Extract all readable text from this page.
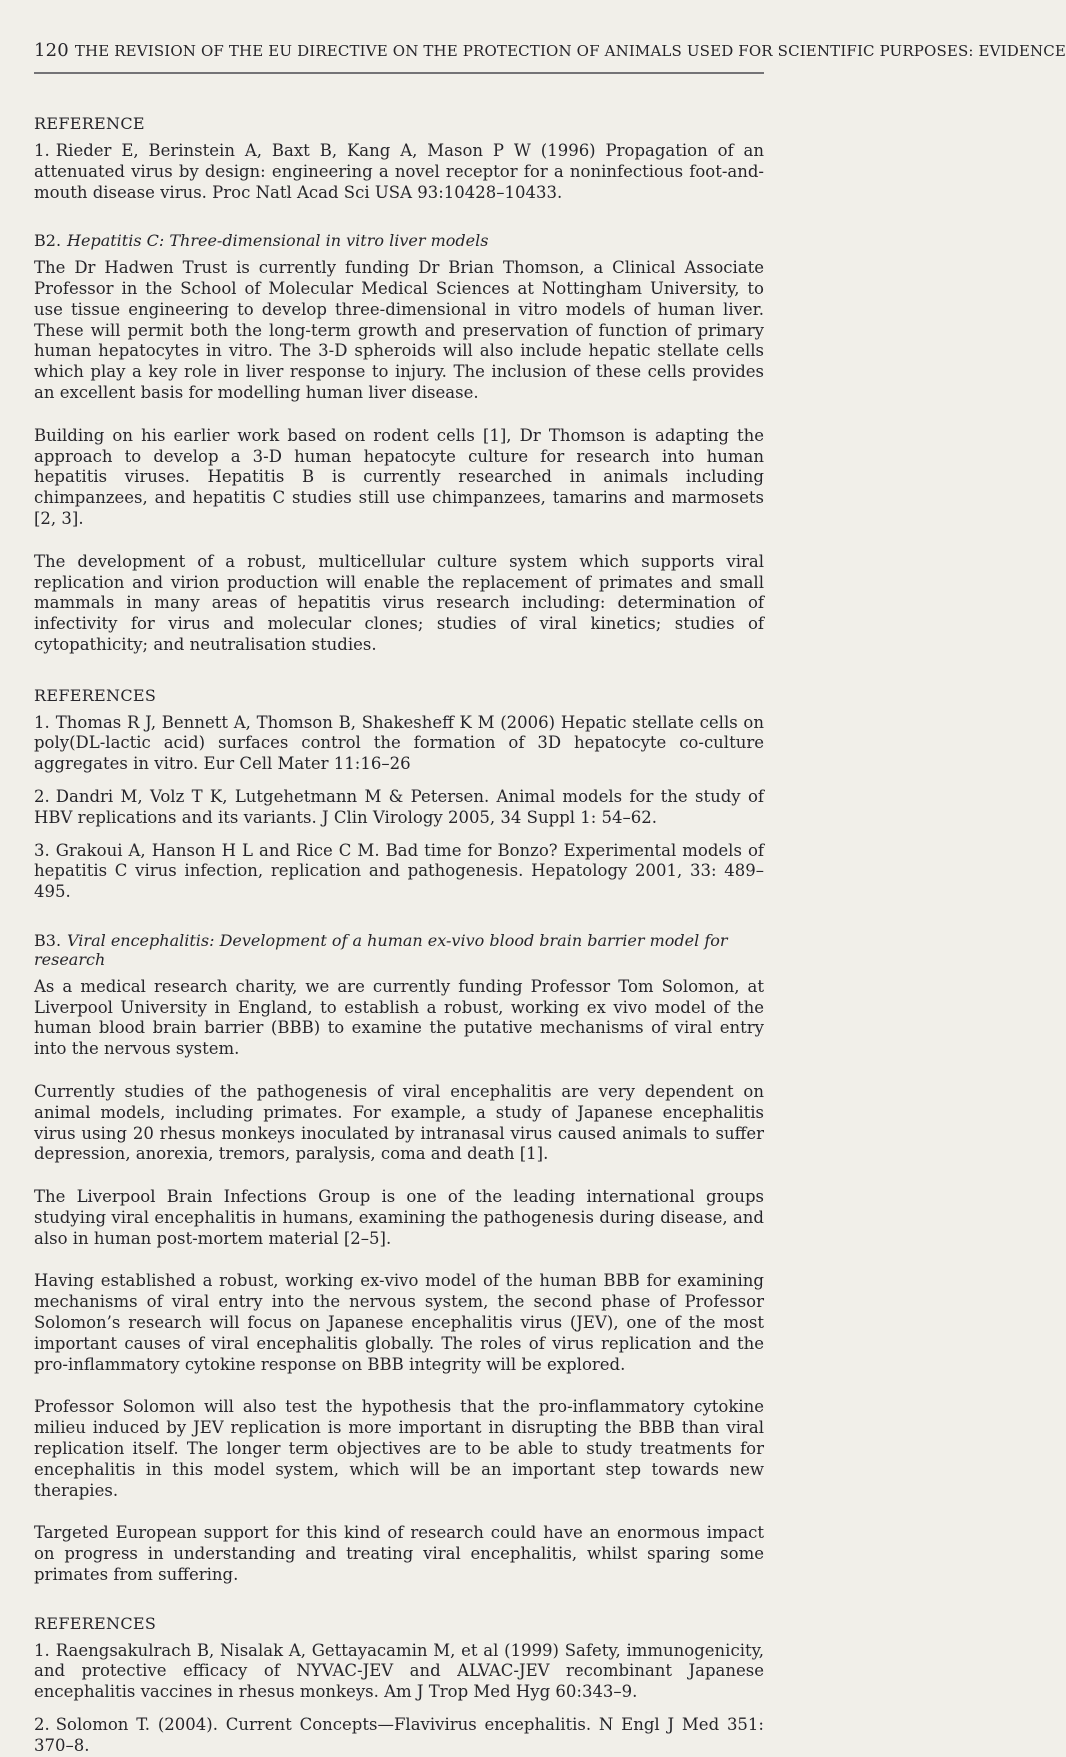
120 THE REVISION OF THE EU DIRECTIVE ON THE PROTECTION OF ANIMALS USED FOR SCIENTIFIC PURPOSES: EVIDENCE
REFERENCE
1. Rieder E, Berinstein A, Baxt B, Kang A, Mason P W (1996) Propagation of an attenuated virus by design: engineering a novel receptor for a noninfectious foot-and-mouth disease virus. Proc Natl Acad Sci USA 93:10428–10433.
B2. Hepatitis C: Three-dimensional in vitro liver models

The Dr Hadwen Trust is currently funding Dr Brian Thomson, a Clinical Associate Professor in the School of Molecular Medical Sciences at Nottingham University, to use tissue engineering to develop three-dimensional in vitro models of human liver. These will permit both the long-term growth and preservation of function of primary human hepatocytes in vitro. The 3-D spheroids will also include hepatic stellate cells which play a key role in liver response to injury. The inclusion of these cells provides an excellent basis for modelling human liver disease.

Building on his earlier work based on rodent cells [1], Dr Thomson is adapting the approach to develop a 3-D human hepatocyte culture for research into human hepatitis viruses. Hepatitis B is currently researched in animals including chimpanzees, and hepatitis C studies still use chimpanzees, tamarins and marmosets [2, 3].

The development of a robust, multicellular culture system which supports viral replication and virion production will enable the replacement of primates and small mammals in many areas of hepatitis virus research including: determination of infectivity for virus and molecular clones; studies of viral kinetics; studies of cytopathicity; and neutralisation studies.

REFERENCES
1. Thomas R J, Bennett A, Thomson B, Shakesheff K M (2006) Hepatic stellate cells on poly(DL-lactic acid) surfaces control the formation of 3D hepatocyte co-culture aggregates in vitro. Eur Cell Mater 11:16–26
2. Dandri M, Volz T K, Lutgehetmann M & Petersen. Animal models for the study of HBV replications and its variants. J Clin Virology 2005, 34 Suppl 1: 54–62.
3. Grakoui A, Hanson H L and Rice C M. Bad time for Bonzo? Experimental models of hepatitis C virus infection, replication and pathogenesis. Hepatology 2001, 33: 489–495.
B3. Viral encephalitis: Development of a human ex-vivo blood brain barrier model for research

As a medical research charity, we are currently funding Professor Tom Solomon, at Liverpool University in England, to establish a robust, working ex vivo model of the human blood brain barrier (BBB) to examine the putative mechanisms of viral entry into the nervous system.

Currently studies of the pathogenesis of viral encephalitis are very dependent on animal models, including primates. For example, a study of Japanese encephalitis virus using 20 rhesus monkeys inoculated by intranasal virus caused animals to suffer depression, anorexia, tremors, paralysis, coma and death [1].

The Liverpool Brain Infections Group is one of the leading international groups studying viral encephalitis in humans, examining the pathogenesis during disease, and also in human post-mortem material [2–5].

Having established a robust, working ex-vivo model of the human BBB for examining mechanisms of viral entry into the nervous system, the second phase of Professor Solomon’s research will focus on Japanese encephalitis virus (JEV), one of the most important causes of viral encephalitis globally. The roles of virus replication and the pro-inflammatory cytokine response on BBB integrity will be explored.

Professor Solomon will also test the hypothesis that the pro-inflammatory cytokine milieu induced by JEV replication is more important in disrupting the BBB than viral replication itself. The longer term objectives are to be able to study treatments for encephalitis in this model system, which will be an important step towards new therapies.

Targeted European support for this kind of research could have an enormous impact on progress in understanding and treating viral encephalitis, whilst sparing some primates from suffering.

REFERENCES
1. Raengsakulrach B, Nisalak A, Gettayacamin M, et al (1999) Safety, immunogenicity, and protective efficacy of NYVAC-JEV and ALVAC-JEV recombinant Japanese encephalitis vaccines in rhesus monkeys. Am J Trop Med Hyg 60:343–9.
2. Solomon T. (2004). Current Concepts—Flavivirus encephalitis. N Engl J Med 351: 370–8.
